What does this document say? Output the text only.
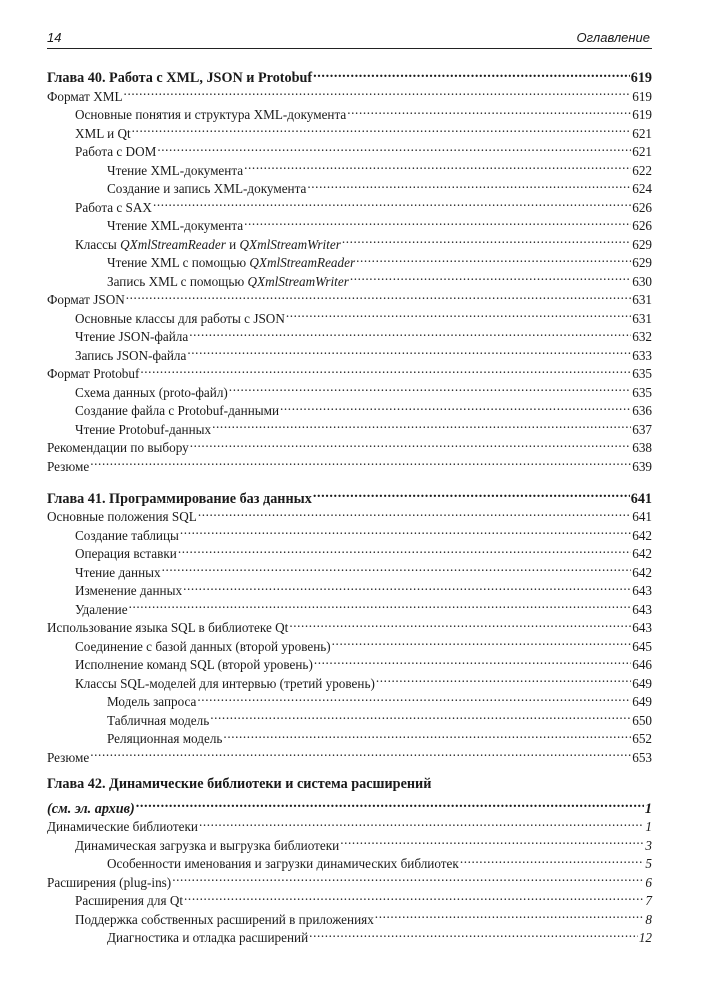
14	Оглавление
Глава 40. Работа с XML, JSON и Protobuf .....	619
Формат XML .....	619
Основные понятия и структура XML-документа .....	619
XML и Qt .....	621
Работа с DOM .....	621
Чтение XML-документа .....	622
Создание и запись XML-документа .....	624
Работа с SAX .....	626
Чтение XML-документа .....	626
Классы QXmlStreamReader и QXmlStreamWriter .....	629
Чтение XML с помощью QXmlStreamReader .....	629
Запись XML с помощью QXmlStreamWriter .....	630
Формат JSON .....	631
Основные классы для работы с JSON .....	631
Чтение JSON-файла .....	632
Запись JSON-файла .....	633
Формат Protobuf .....	635
Схема данных (proto-файл) .....	635
Создание файла с Protobuf-данными .....	636
Чтение Protobuf-данных .....	637
Рекомендации по выбору .....	638
Резюме .....	639
Глава 41. Программирование баз данных .....	641
Основные положения SQL .....	641
Создание таблицы .....	642
Операция вставки .....	642
Чтение данных .....	642
Изменение данных .....	643
Удаление .....	643
Использование языка SQL в библиотеке Qt .....	643
Соединение с базой данных (второй уровень) .....	645
Исполнение команд SQL (второй уровень) .....	646
Классы SQL-моделей для интервью (третий уровень) .....	649
Модель запроса .....	649
Табличная модель .....	650
Реляционная модель .....	652
Резюме .....	653
Глава 42. Динамические библиотеки и система расширений
(см. эл. архив) .....	1
Динамические библиотеки .....	1
Динамическая загрузка и выгрузка библиотеки .....	3
Особенности именования и загрузки динамических библиотек .....	5
Расширения (plug-ins) .....	6
Расширения для Qt .....	7
Поддержка собственных расширений в приложениях .....	8
Диагностика и отладка расширений .....	12
